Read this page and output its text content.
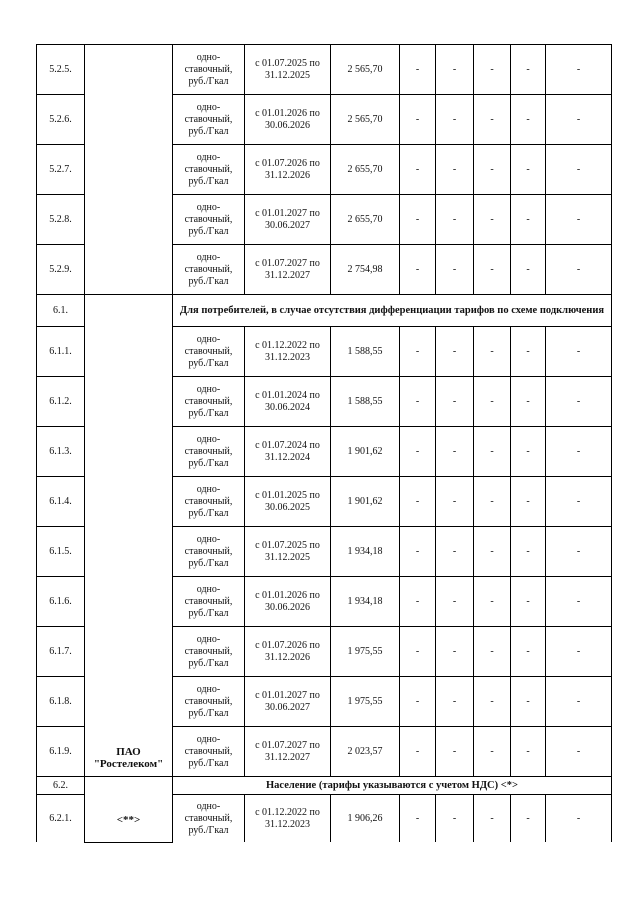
5.2.5.		одно-ставочный, руб./Гкал	с 01.07.2025 по 31.12.2025	2 565,70	-	-	-	-	-
5.2.6.		одно-ставочный, руб./Гкал	с 01.01.2026 по 30.06.2026	2 565,70	-	-	-	-	-
5.2.7.		одно-ставочный, руб./Гкал	с 01.07.2026 по 31.12.2026	2 655,70	-	-	-	-	-
5.2.8.		одно-ставочный, руб./Гкал	с 01.01.2027 по 30.06.2027	2 655,70	-	-	-	-	-
5.2.9.		одно-ставочный, руб./Гкал	с 01.07.2027 по 31.12.2027	2 754,98	-	-	-	-	-
6.1.	ПАО "Ростелеком"	Для потребителей, в случае отсутствия дифференциации тарифов по схеме подключения							
6.1.1.		одно-ставочный, руб./Гкал	с 01.12.2022 по 31.12.2023	1 588,55	-	-	-	-	-
6.1.2.		одно-ставочный, руб./Гкал	с 01.01.2024 по 30.06.2024	1 588,55	-	-	-	-	-
6.1.3.		одно-ставочный, руб./Гкал	с 01.07.2024 по 31.12.2024	1 901,62	-	-	-	-	-
6.1.4.		одно-ставочный, руб./Гкал	с 01.01.2025 по 30.06.2025	1 901,62	-	-	-	-	-
6.1.5.		одно-ставочный, руб./Гкал	с 01.07.2025 по 31.12.2025	1 934,18	-	-	-	-	-
6.1.6.		одно-ставочный, руб./Гкал	с 01.01.2026 по 30.06.2026	1 934,18	-	-	-	-	-
6.1.7.		одно-ставочный, руб./Гкал	с 01.07.2026 по 31.12.2026	1 975,55	-	-	-	-	-
6.1.8.		одно-ставочный, руб./Гкал	с 01.01.2027 по 30.06.2027	1 975,55	-	-	-	-	-
6.1.9.		одно-ставочный, руб./Гкал	с 01.07.2027 по 31.12.2027	2 023,57	-	-	-	-	-
6.2.	<**>	Население (тарифы указываются с учетом НДС) <*>							
6.2.1.		одно-ставочный, руб./Гкал	с 01.12.2022 по 31.12.2023	1 906,26	-	-	-	-	-
